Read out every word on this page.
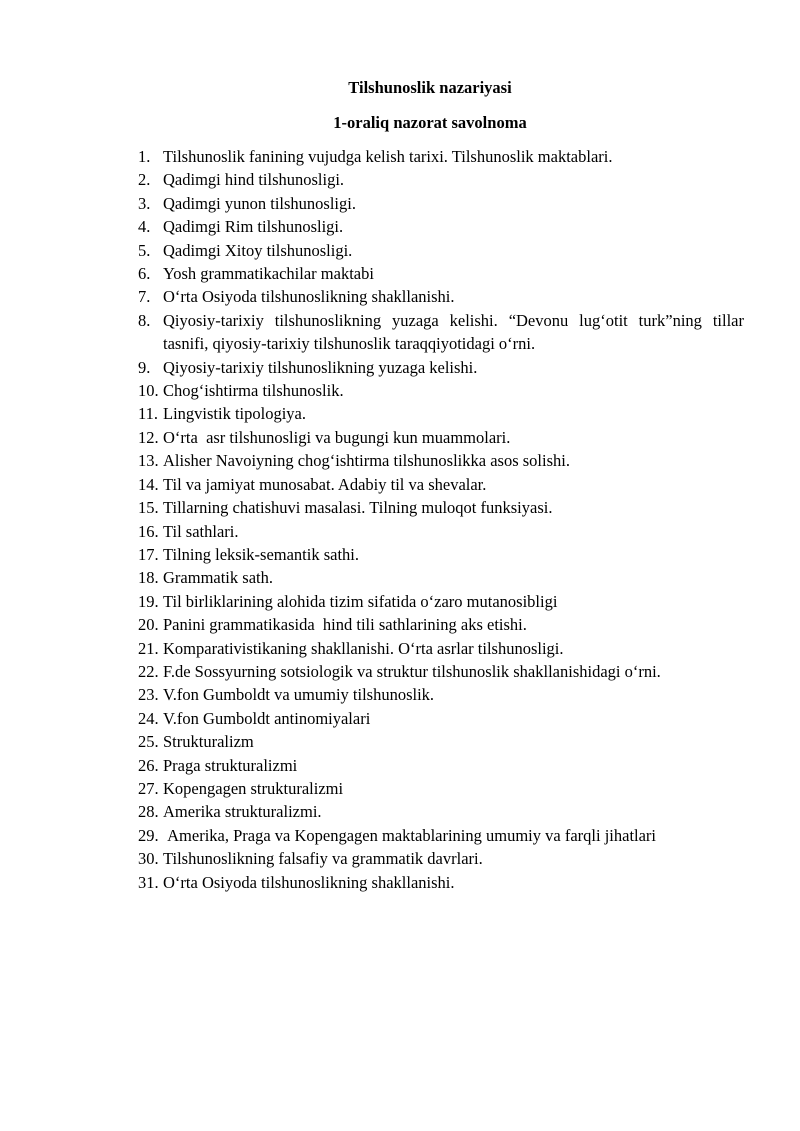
Tilshunoslik nazariyasi
1-oraliq nazorat savolnoma
1. Tilshunoslik fanining vujudga kelish tarixi. Tilshunoslik maktablari.
2. Qadimgi hind tilshunosligi.
3. Qadimgi yunon tilshunosligi.
4. Qadimgi Rim tilshunosligi.
5. Qadimgi Xitoy tilshunosligi.
6. Yosh grammatikachilar maktabi
7. Oʻrta Osiyoda tilshunoslikning shakllanishi.
8. Qiyosiy-tarixiy tilshunoslikning yuzaga kelishi. “Devonu lugʻotit turk”ning tillar tasnifi, qiyosiy-tarixiy tilshunoslik taraqqiyotidagi oʻrni.
9. Qiyosiy-tarixiy tilshunoslikning yuzaga kelishi.
10. Chogʻishtirma tilshunoslik.
11. Lingvistik tipologiya.
12. Oʻrta  asr tilshunosligi va bugungi kun muammolari.
13. Alisher Navoiyning chogʻishtirma tilshunoslikka asos solishi.
14. Til va jamiyat munosabat. Adabiy til va shevalar.
15. Tillarning chatishuvi masalasi. Tilning muloqot funksiyasi.
16. Til sathlari.
17. Tilning leksik-semantik sathi.
18. Grammatik sath.
19. Til birliklarining alohida tizim sifatida oʻzaro mutanosibligi
20. Panini grammatikasida  hind tili sathlarining aks etishi.
21. Komparativistikaning shakllanishi. Oʻrta asrlar tilshunosligi.
22. F.de Sossyurning sotsiologik va struktur tilshunoslik shakllanishidagi oʻrni.
23. V.fon Gumboldt va umumiy tilshunoslik.
24. V.fon Gumboldt antinomiyalari
25. Strukturalizm
26. Praga strukturalizmi
27. Kopengagen strukturalizmi
28. Amerika strukturalizmi.
29. Amerika, Praga va Kopengagen maktablarining umumiy va farqli jihatlari
30. Tilshunoslikning falsafiy va grammatik davrlari.
31. Oʻrta Osiyoda tilshunoslikning shakllanishi.
